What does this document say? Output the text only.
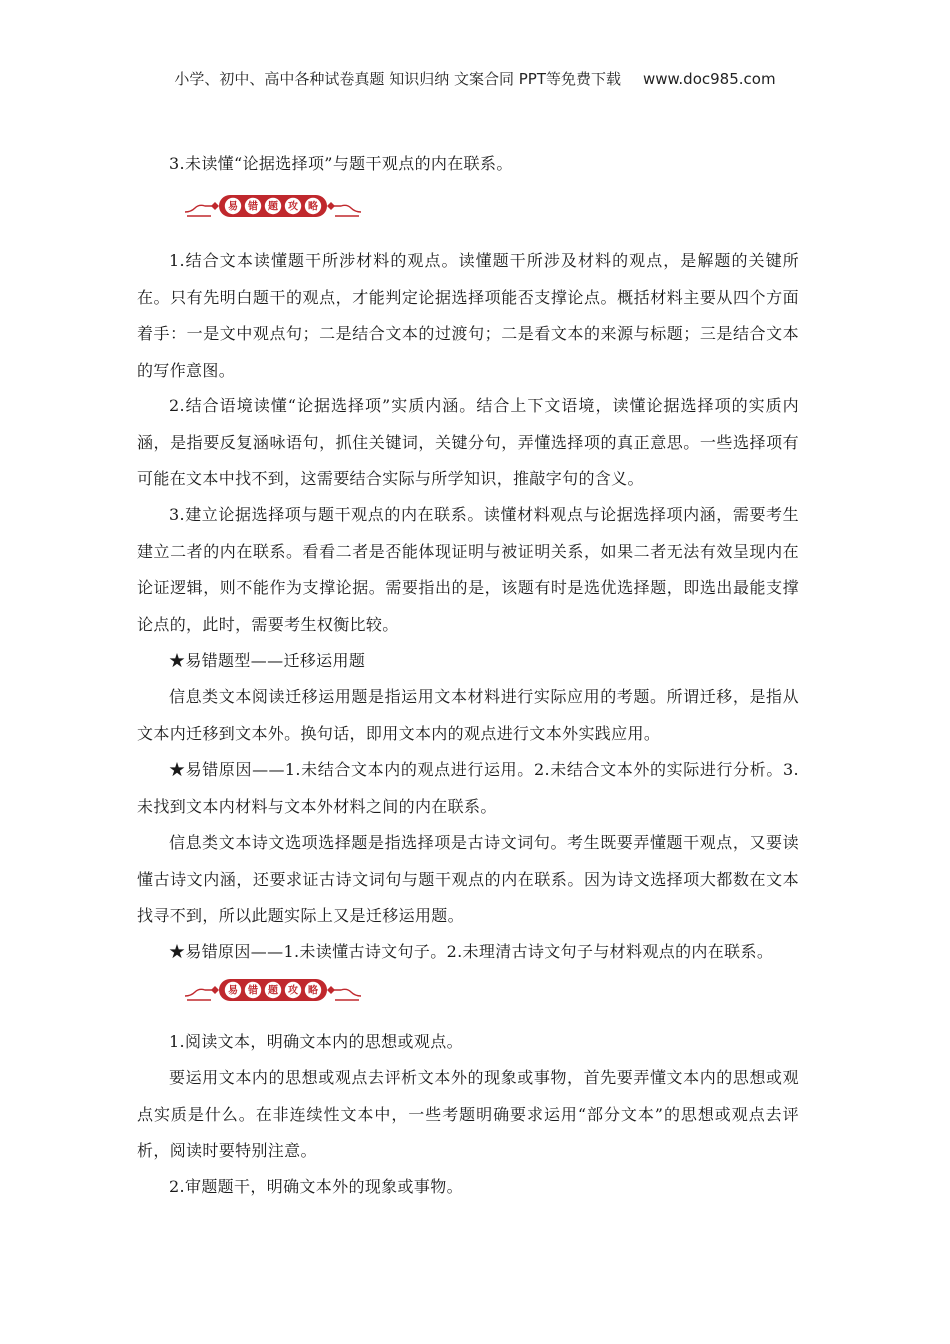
小学、初中、高中各种试卷真题 知识归纳 文案合同 PPT等免费下载 www.doc985.com

3.未读懂“论据选择项”与题干观点的内在联系。

1.结合文本读懂题干所涉材料的观点。读懂题干所涉及材料的观点，是解题的关键所在。只有先明白题干的观点，才能判定论据选择项能否支撑论点。概括材料主要从四个方面着手：一是文中观点句；二是结合文本的过渡句；二是看文本的来源与标题；三是结合文本的写作意图。

2.结合语境读懂“论据选择项”实质内涵。结合上下文语境，读懂论据选择项的实质内涵，是指要反复涵咏语句，抓住关键词，关键分句，弄懂选择项的真正意思。一些选择项有可能在文本中找不到，这需要结合实际与所学知识，推敲字句的含义。

3.建立论据选择项与题干观点的内在联系。读懂材料观点与论据选择项内涵，需要考生建立二者的内在联系。看看二者是否能体现证明与被证明关系，如果二者无法有效呈现内在论证逻辑，则不能作为支撑论据。需要指出的是，该题有时是选优选择题，即选出最能支撑论点的，此时，需要考生权衡比较。

★易错题型——迁移运用题

信息类文本阅读迁移运用题是指运用文本材料进行实际应用的考题。所谓迁移，是指从文本内迁移到文本外。换句话，即用文本内的观点进行文本外实践应用。

★易错原因——1.未结合文本内的观点进行运用。2.未结合文本外的实际进行分析。3.未找到文本内材料与文本外材料之间的内在联系。

信息类文本诗文选项选择题是指选择项是古诗文词句。考生既要弄懂题干观点，又要读懂古诗文内涵，还要求证古诗文词句与题干观点的内在联系。因为诗文选择项大都数在文本找寻不到，所以此题实际上又是迁移运用题。

★易错原因——1.未读懂古诗文句子。2.未理清古诗文句子与材料观点的内在联系。

1.阅读文本，明确文本内的思想或观点。

要运用文本内的思想或观点去评析文本外的现象或事物，首先要弄懂文本内的思想或观点实质是什么。在非连续性文本中，一些考题明确要求运用“部分文本”的思想或观点去评析，阅读时要特别注意。

2.审题题干，明确文本外的现象或事物。

易 错 题 攻 略
易 错 题 攻 略
